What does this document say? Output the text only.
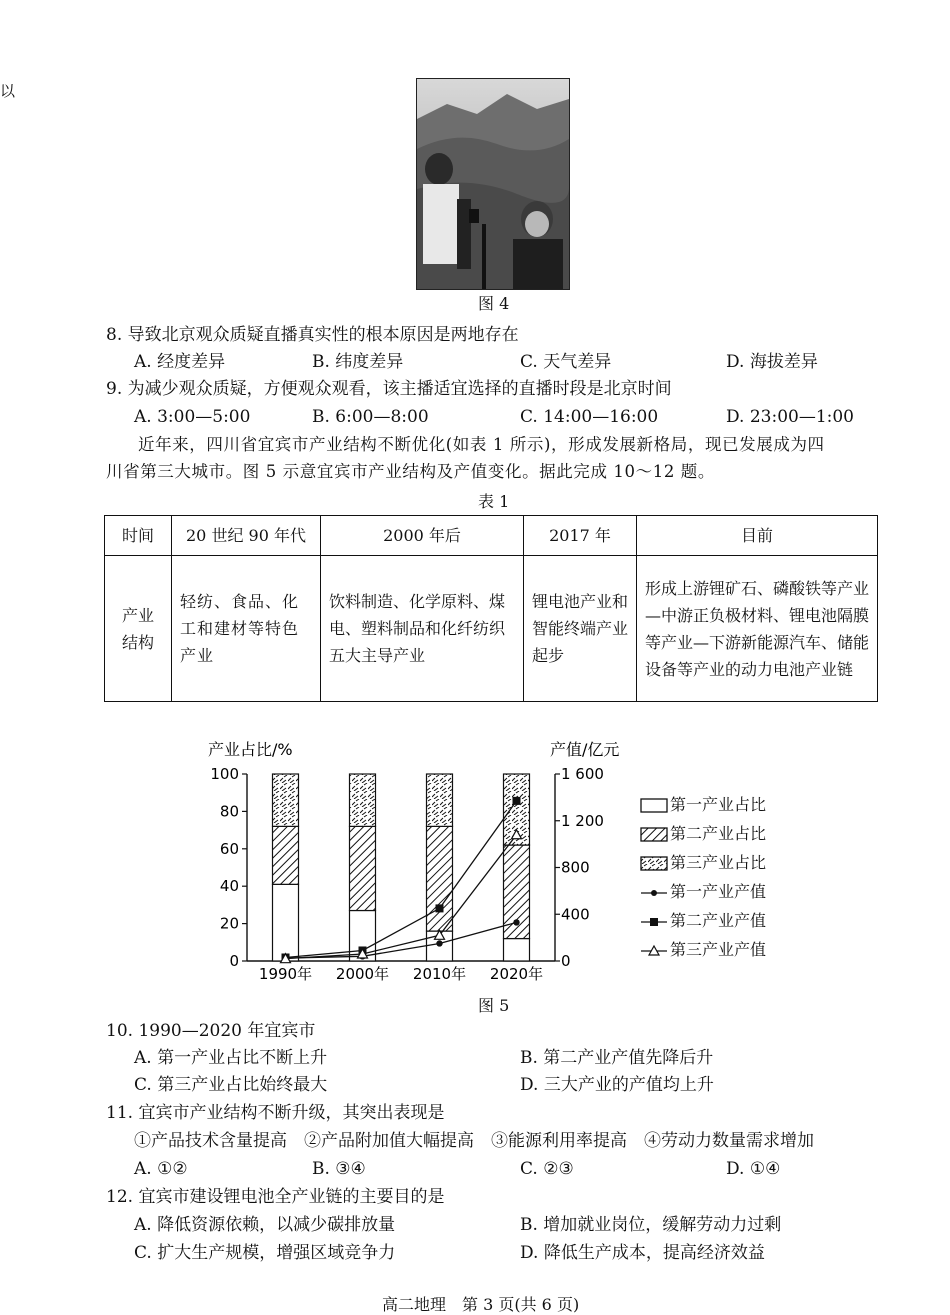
以
图 4
8. 导致北京观众质疑直播真实性的根本原因是两地存在
A. 经度差异	B. 纬度差异	C. 天气差异	D. 海拔差异
9. 为减少观众质疑，方便观众观看，该主播适宜选择的直播时段是北京时间
A. 3:00—5:00	B. 6:00—8:00	C. 14:00—16:00	D. 23:00—1:00
近年来，四川省宜宾市产业结构不断优化(如表 1 所示)，形成发展新格局，现已发展成为四
川省第三大城市。图 5 示意宜宾市产业结构及产值变化。据此完成 10～12 题。
表 1
时间	20 世纪 90 年代	2000 年后	2017 年	目前
产业结构	轻纺、食品、化工和建材等特色产业	饮料制造、化学原料、煤电、塑料制品和化纤纺织五大主导产业	锂电池产业和智能终端产业起步	形成上游锂矿石、磷酸铁等产业—中游正负极材料、锂电池隔膜等产业—下游新能源汽车、储能设备等产业的动力电池产业链
产业占比/%	产值/亿元
0
20
40
60
80
100
0
400
800
1 200
1 600
1990年 2000年 2010年 2020年
第一产业占比
第二产业占比
第三产业占比
第一产业产值
第二产业产值
第三产业产值
图 5
10. 1990—2020 年宜宾市
A. 第一产业占比不断上升	B. 第二产业产值先降后升
C. 第三产业占比始终最大	D. 三大产业的产值均上升
11. 宜宾市产业结构不断升级，其突出表现是
①产品技术含量提高　②产品附加值大幅提高　③能源利用率提高　④劳动力数量需求增加
A. ①②	B. ③④	C. ②③	D. ①④
12. 宜宾市建设锂电池全产业链的主要目的是
A. 降低资源依赖，以减少碳排放量	B. 增加就业岗位，缓解劳动力过剩
C. 扩大生产规模，增强区域竞争力	D. 降低生产成本，提高经济效益
高二地理　第 3 页(共 6 页)
